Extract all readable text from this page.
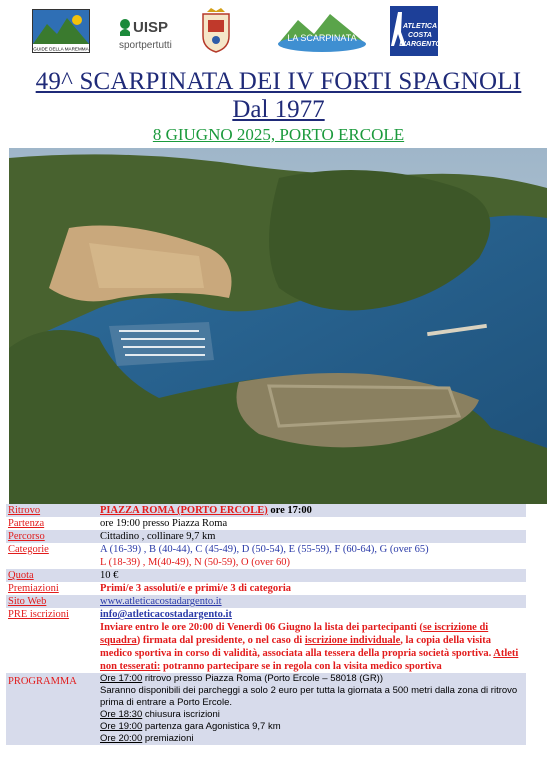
GUIDE DELLA MAREMMA
UISP
sportpertutti
LA SCARPINATA
ATLETICA
COSTA
D'ARGENTO
49^ SCARPINATA DEI IV FORTI SPAGNOLI
Dal 1977
8 GIUGNO 2025, PORTO ERCOLE
Ritrovo	PIAZZA ROMA (PORTO ERCOLE) ore 17:00
Partenza	ore 19:00 presso Piazza Roma
Percorso	Cittadino , collinare 9,7 km
Categorie	A (16-39) , B (40-44), C (45-49), D (50-54), E (55-59), F (60-64), G (over 65)
L (18-39) , M(40-49), N (50-59), O (over 60)

Quota	10 €
Premiazioni	Primi/e 3 assoluti/e e primi/e 3 di categoria
Sito Web	www.atleticacostadargento.it
PRE iscrizioni	info@atleticacostadargento.it
Inviare entro le ore 20:00 di Venerdì 06 Giugno la lista dei partecipanti (se iscrizione di squadra) firmata dal presidente, o nel caso di iscrizione individuale, la copia della visita medico sportiva in corso di validità, associata alla tessera della propria società sportiva. Atleti non tesserati: potranno partecipare se in regola con la visita medico sportiva

PROGRAMMA	Ore 17:00 ritrovo presso Piazza Roma (Porto Ercole – 58018 (GR))
Saranno disponibili dei parcheggi a solo 2 euro per tutta la giornata a 500 metri dalla zona di ritrovo prima di entrare a Porto Ercole.
Ore 18:30 chiusura iscrizioni
Ore 19:00 partenza gara Agonistica 9,7 km
Ore 20:00 premiazioni
